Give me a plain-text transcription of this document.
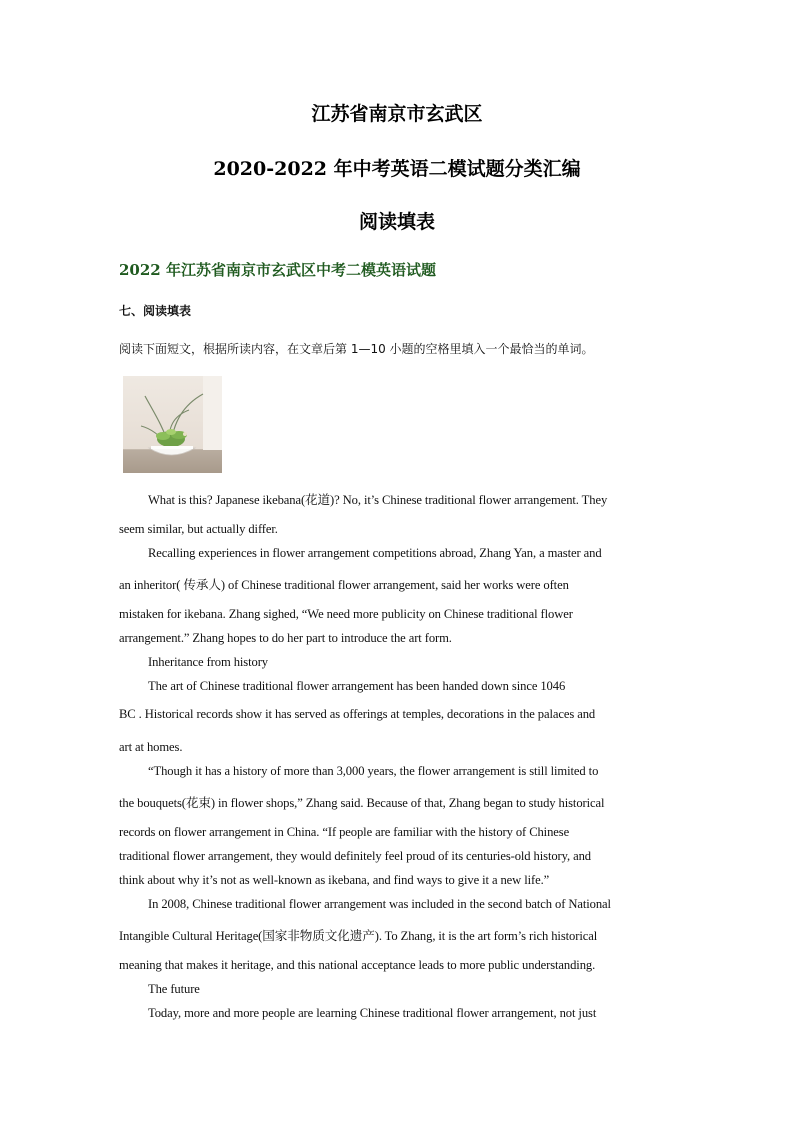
江苏省南京市玄武区
2020-2022 年中考英语二模试题分类汇编
阅读填表
2022 年江苏省南京市玄武区中考二模英语试题
七、阅读填表
阅读下面短文，根据所读内容，在文章后第 1—10 小题的空格里填入一个最恰当的单词。
What is this? Japanese ikebana(花道)? No, it’s Chinese traditional flower arrangement. They
seem similar, but actually differ.
Recalling experiences in flower arrangement competitions abroad, Zhang Yan, a master and
an inheritor( 传承人) of Chinese traditional flower arrangement, said her works were often
mistaken for ikebana. Zhang sighed, “We need more publicity on Chinese traditional flower
arrangement.” Zhang hopes to do her part to introduce the art form.
Inheritance from history
The art of Chinese traditional flower arrangement has been handed down since 1046
BC . Historical records show it has served as offerings at temples, decorations in the palaces and
art at homes.
“Though it has a history of more than 3,000 years, the flower arrangement is still limited to
the bouquets(花束) in flower shops,” Zhang said. Because of that, Zhang began to study historical
records on flower arrangement in China. “If people are familiar with the history of Chinese
traditional flower arrangement, they would definitely feel proud of its centuries-old history, and
think about why it’s not as well-known as ikebana, and find ways to give it a new life.”
In 2008, Chinese traditional flower arrangement was included in the second batch of National
Intangible Cultural Heritage(国家非物质文化遗产). To Zhang, it is the art form’s rich historical
meaning that makes it heritage, and this national acceptance leads to more public understanding.
The future
Today, more and more people are learning Chinese traditional flower arrangement, not just
